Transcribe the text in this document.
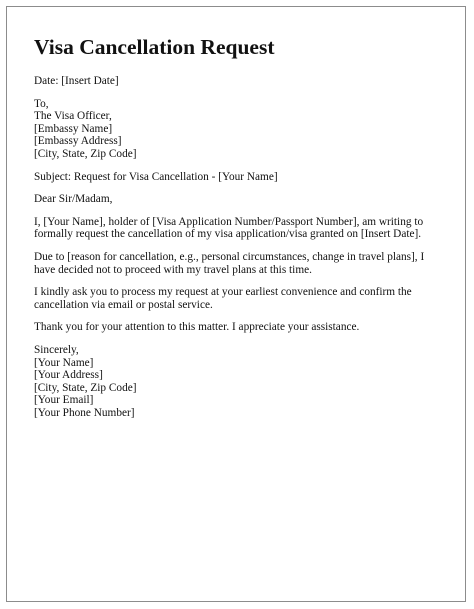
Visa Cancellation Request
Date: [Insert Date]
To,
The Visa Officer,
[Embassy Name]
[Embassy Address]
[City, State, Zip Code]
Subject: Request for Visa Cancellation - [Your Name]
Dear Sir/Madam,
I, [Your Name], holder of [Visa Application Number/Passport Number], am writing to
formally request the cancellation of my visa application/visa granted on [Insert Date].
Due to [reason for cancellation, e.g., personal circumstances, change in travel plans], I
have decided not to proceed with my travel plans at this time.
I kindly ask you to process my request at your earliest convenience and confirm the
cancellation via email or postal service.
Thank you for your attention to this matter. I appreciate your assistance.
Sincerely,
[Your Name]
[Your Address]
[City, State, Zip Code]
[Your Email]
[Your Phone Number]
